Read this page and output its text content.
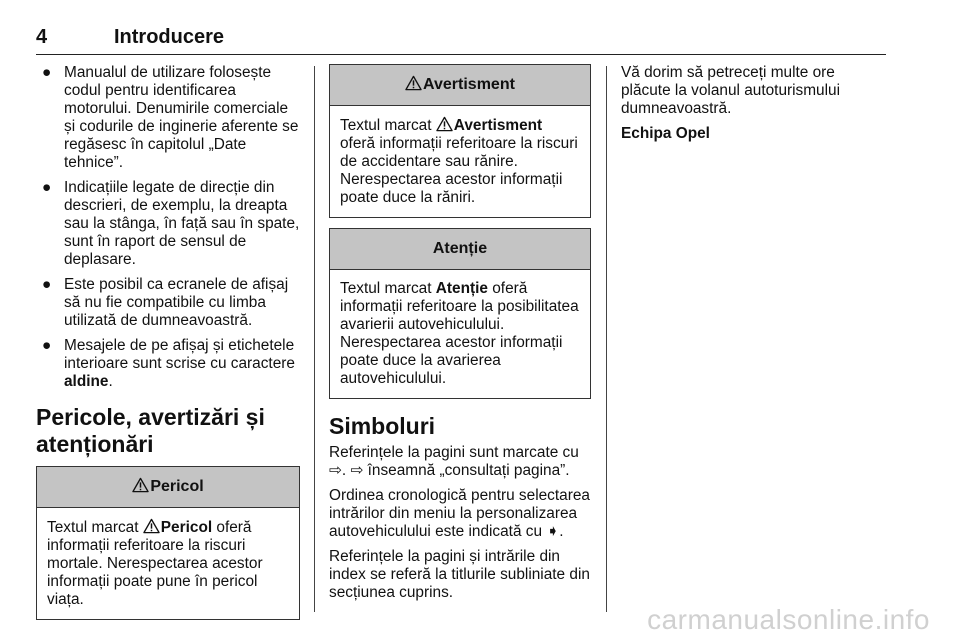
4	Introducere
● Manualul de utilizare folosește codul pentru identificarea motorului. Denumirile comerciale și codurile de inginerie aferente se regăsesc în capitolul „Date tehnice”.
● Indicațiile legate de direcție din descrieri, de exemplu, la dreapta sau la stânga, în față sau în spate, sunt în raport de sensul de deplasare.
● Este posibil ca ecranele de afișaj să nu fie compatibile cu limba utilizată de dumneavoastră.
● Mesajele de pe afișaj și etichetele interioare sunt scrise cu caractere aldine.
Pericole, avertizări și atenționări
Pericol
Textul marcat Pericol oferă informații referitoare la riscuri mortale. Nerespectarea acestor informații poate pune în pericol viața.
Avertisment
Textul marcat Avertisment oferă informații referitoare la riscuri de accidentare sau rănire. Nerespectarea acestor informații poate duce la răniri.
Atenție
Textul marcat Atenție oferă informații referitoare la posibilitatea avarierii autovehiculului. Nerespectarea acestor informații poate duce la avarierea autovehiculului.
Simboluri

Referințele la pagini sunt marcate cu ⇨. ⇨ înseamnă „consultați pagina”.

Ordinea cronologică pentru selectarea intrărilor din meniu la personalizarea autovehiculului este indicată cu ➧.

Referințele la pagini și intrările din index se referă la titlurile subliniate din secțiunea cuprins.

Vă dorim să petreceți multe ore plăcute la volanul autoturismului dumneavoastră.

Echipa Opel

carmanualsonline.info
